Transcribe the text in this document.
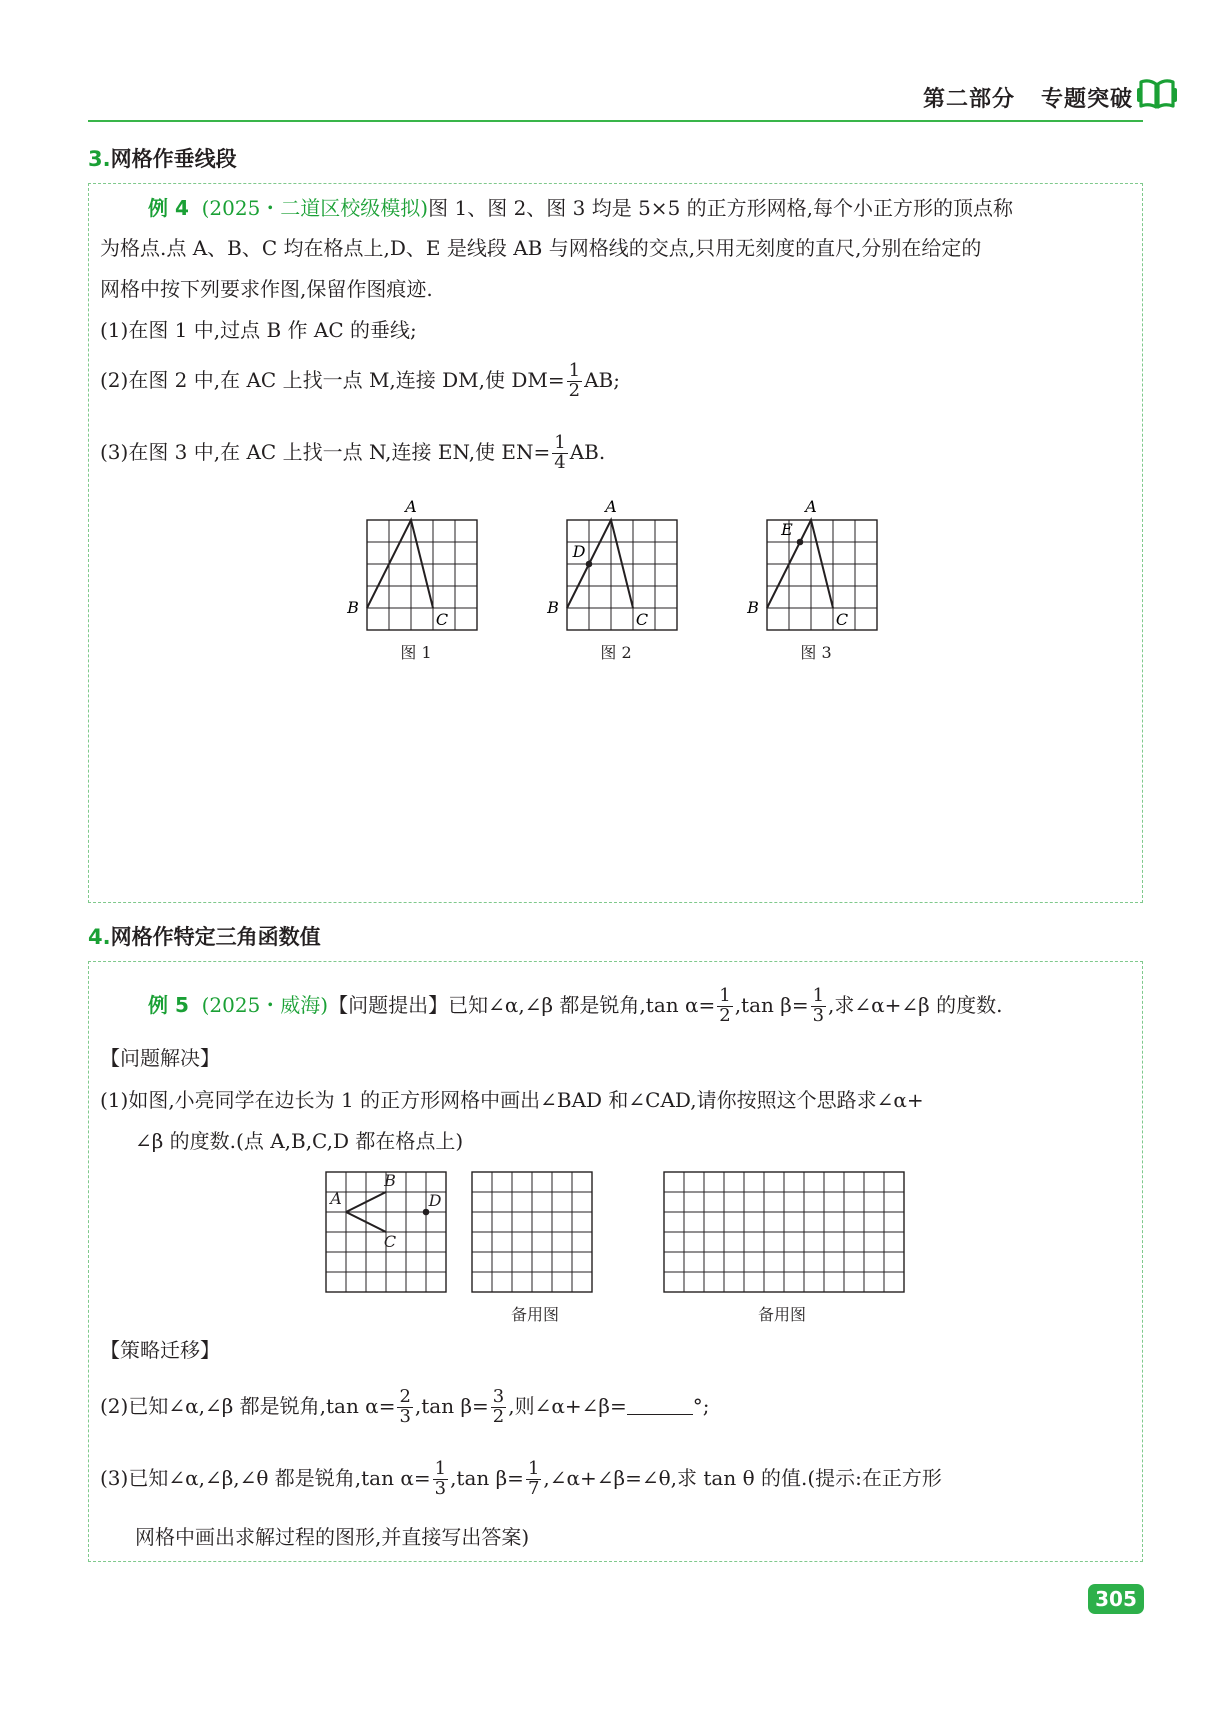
第二部分 专题突破
3.网格作垂线段
例 4 (2025・二道区校级模拟)图 1、图 2、图 3 均是 5×5 的正方形网格,每个小正方形的顶点称
为格点.点 A、B、C 均在格点上,D、E 是线段 AB 与网格线的交点,只用无刻度的直尺,分别在给定的
网格中按下列要求作图,保留作图痕迹.
(1)在图 1 中,过点 B 作 AC 的垂线;
(2)在图 2 中,在 AC 上找一点 M,连接 DM,使 $DM= \frac{1}{2}$ AB;
(3)在图 3 中,在 AC 上找一点 N,连接 EN,使 $EN= \frac{1}{4}$ AB.
A
B
C
图 1
A
B
C
D
图 2
A
B
C
E
图 3
4.网格作特定三角函数值
例 5 (2025・威海)【问题提出】已知∠α,∠β 都是锐角,tan $\alpha= \frac{1}{2} ,\tan$ $\beta= \frac{1}{3}$ ,求∠α+∠β 的度数.
【问题解决】
(1)如图,小亮同学在边长为 1 的正方形网格中画出∠BAD 和∠CAD,请你按照这个思路求∠α+
∠β 的度数.(点 A,B,C,D 都在格点上)
A
B
C
D
备用图	备用图
【策略迁移】
(2)已知∠α,∠β 都是锐角,tan $\alpha= \frac{2}{3} ,\tan$ $\beta= \frac{3}{2}$ ,则∠α+∠β=	°;
(3)已知∠α,∠β,∠θ 都是锐角,tan $\alpha= \frac{1}{3} ,\tan$ $\beta= \frac{1}{7}$ ,∠α+∠β=∠θ,求 tan θ 的值.(提示:在正方形
网格中画出求解过程的图形,并直接写出答案)
305
